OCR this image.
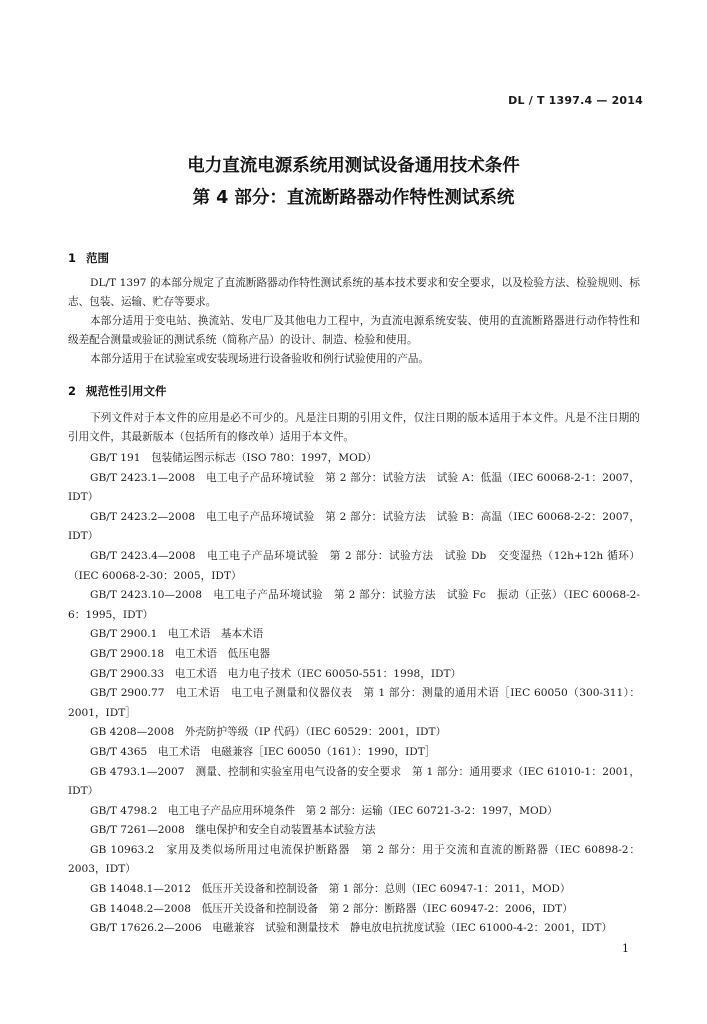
DL / T 1397.4 — 2014
电力直流电源系统用测试设备通用技术条件
第 4 部分：直流断路器动作特性测试系统
1 范围

DL/T 1397 的本部分规定了直流断路器动作特性测试系统的基本技术要求和安全要求，以及检验方法、检验规则、标志、包装、运输、贮存等要求。

本部分适用于变电站、换流站、发电厂及其他电力工程中，为直流电源系统安装、使用的直流断路器进行动作特性和级差配合测量或验证的测试系统（简称产品）的设计、制造、检验和使用。

本部分适用于在试验室或安装现场进行设备验收和例行试验使用的产品。

2 规范性引用文件

下列文件对于本文件的应用是必不可少的。凡是注日期的引用文件，仅注日期的版本适用于本文件。凡是不注日期的引用文件，其最新版本（包括所有的修改单）适用于本文件。

GB/T 191　包装储运图示标志（ISO 780：1997，MOD）

GB/T 2423.1—2008　电工电子产品环境试验　第 2 部分：试验方法　试验 A：低温（IEC 60068-2-1：2007，IDT）

GB/T 2423.2—2008　电工电子产品环境试验　第 2 部分：试验方法　试验 B：高温（IEC 60068-2-2：2007，IDT）

GB/T 2423.4—2008　电工电子产品环境试验　第 2 部分：试验方法　试验 Db　交变湿热（12h+12h 循环）（IEC 60068-2-30：2005，IDT）

GB/T 2423.10—2008　电工电子产品环境试验　第 2 部分：试验方法　试验 Fc　振动（正弦）（IEC 60068-2-6：1995，IDT）

GB/T 2900.1　电工术语　基本术语

GB/T 2900.18　电工术语　低压电器

GB/T 2900.33　电工术语　电力电子技术（IEC 60050-551：1998，IDT）

GB/T 2900.77　电工术语　电工电子测量和仪器仪表　第 1 部分：测量的通用术语［IEC 60050（300-311）：2001，IDT］

GB 4208—2008　外壳防护等级（IP 代码）（IEC 60529：2001，IDT）

GB/T 4365　电工术语　电磁兼容［IEC 60050（161）：1990，IDT］

GB 4793.1—2007　测量、控制和实验室用电气设备的安全要求　第 1 部分：通用要求（IEC 61010-1：2001，IDT）

GB/T 4798.2　电工电子产品应用环境条件　第 2 部分：运输（IEC 60721-3-2：1997，MOD）

GB/T 7261—2008　继电保护和安全自动装置基本试验方法

GB 10963.2　家用及类似场所用过电流保护断路器　第 2 部分：用于交流和直流的断路器（IEC 60898-2：2003，IDT）

GB 14048.1—2012　低压开关设备和控制设备　第 1 部分：总则（IEC 60947-1：2011，MOD）

GB 14048.2—2008　低压开关设备和控制设备　第 2 部分：断路器（IEC 60947-2：2006，IDT）

GB/T 17626.2—2006　电磁兼容　试验和测量技术　静电放电抗扰度试验（IEC 61000-4-2：2001，IDT）

1
